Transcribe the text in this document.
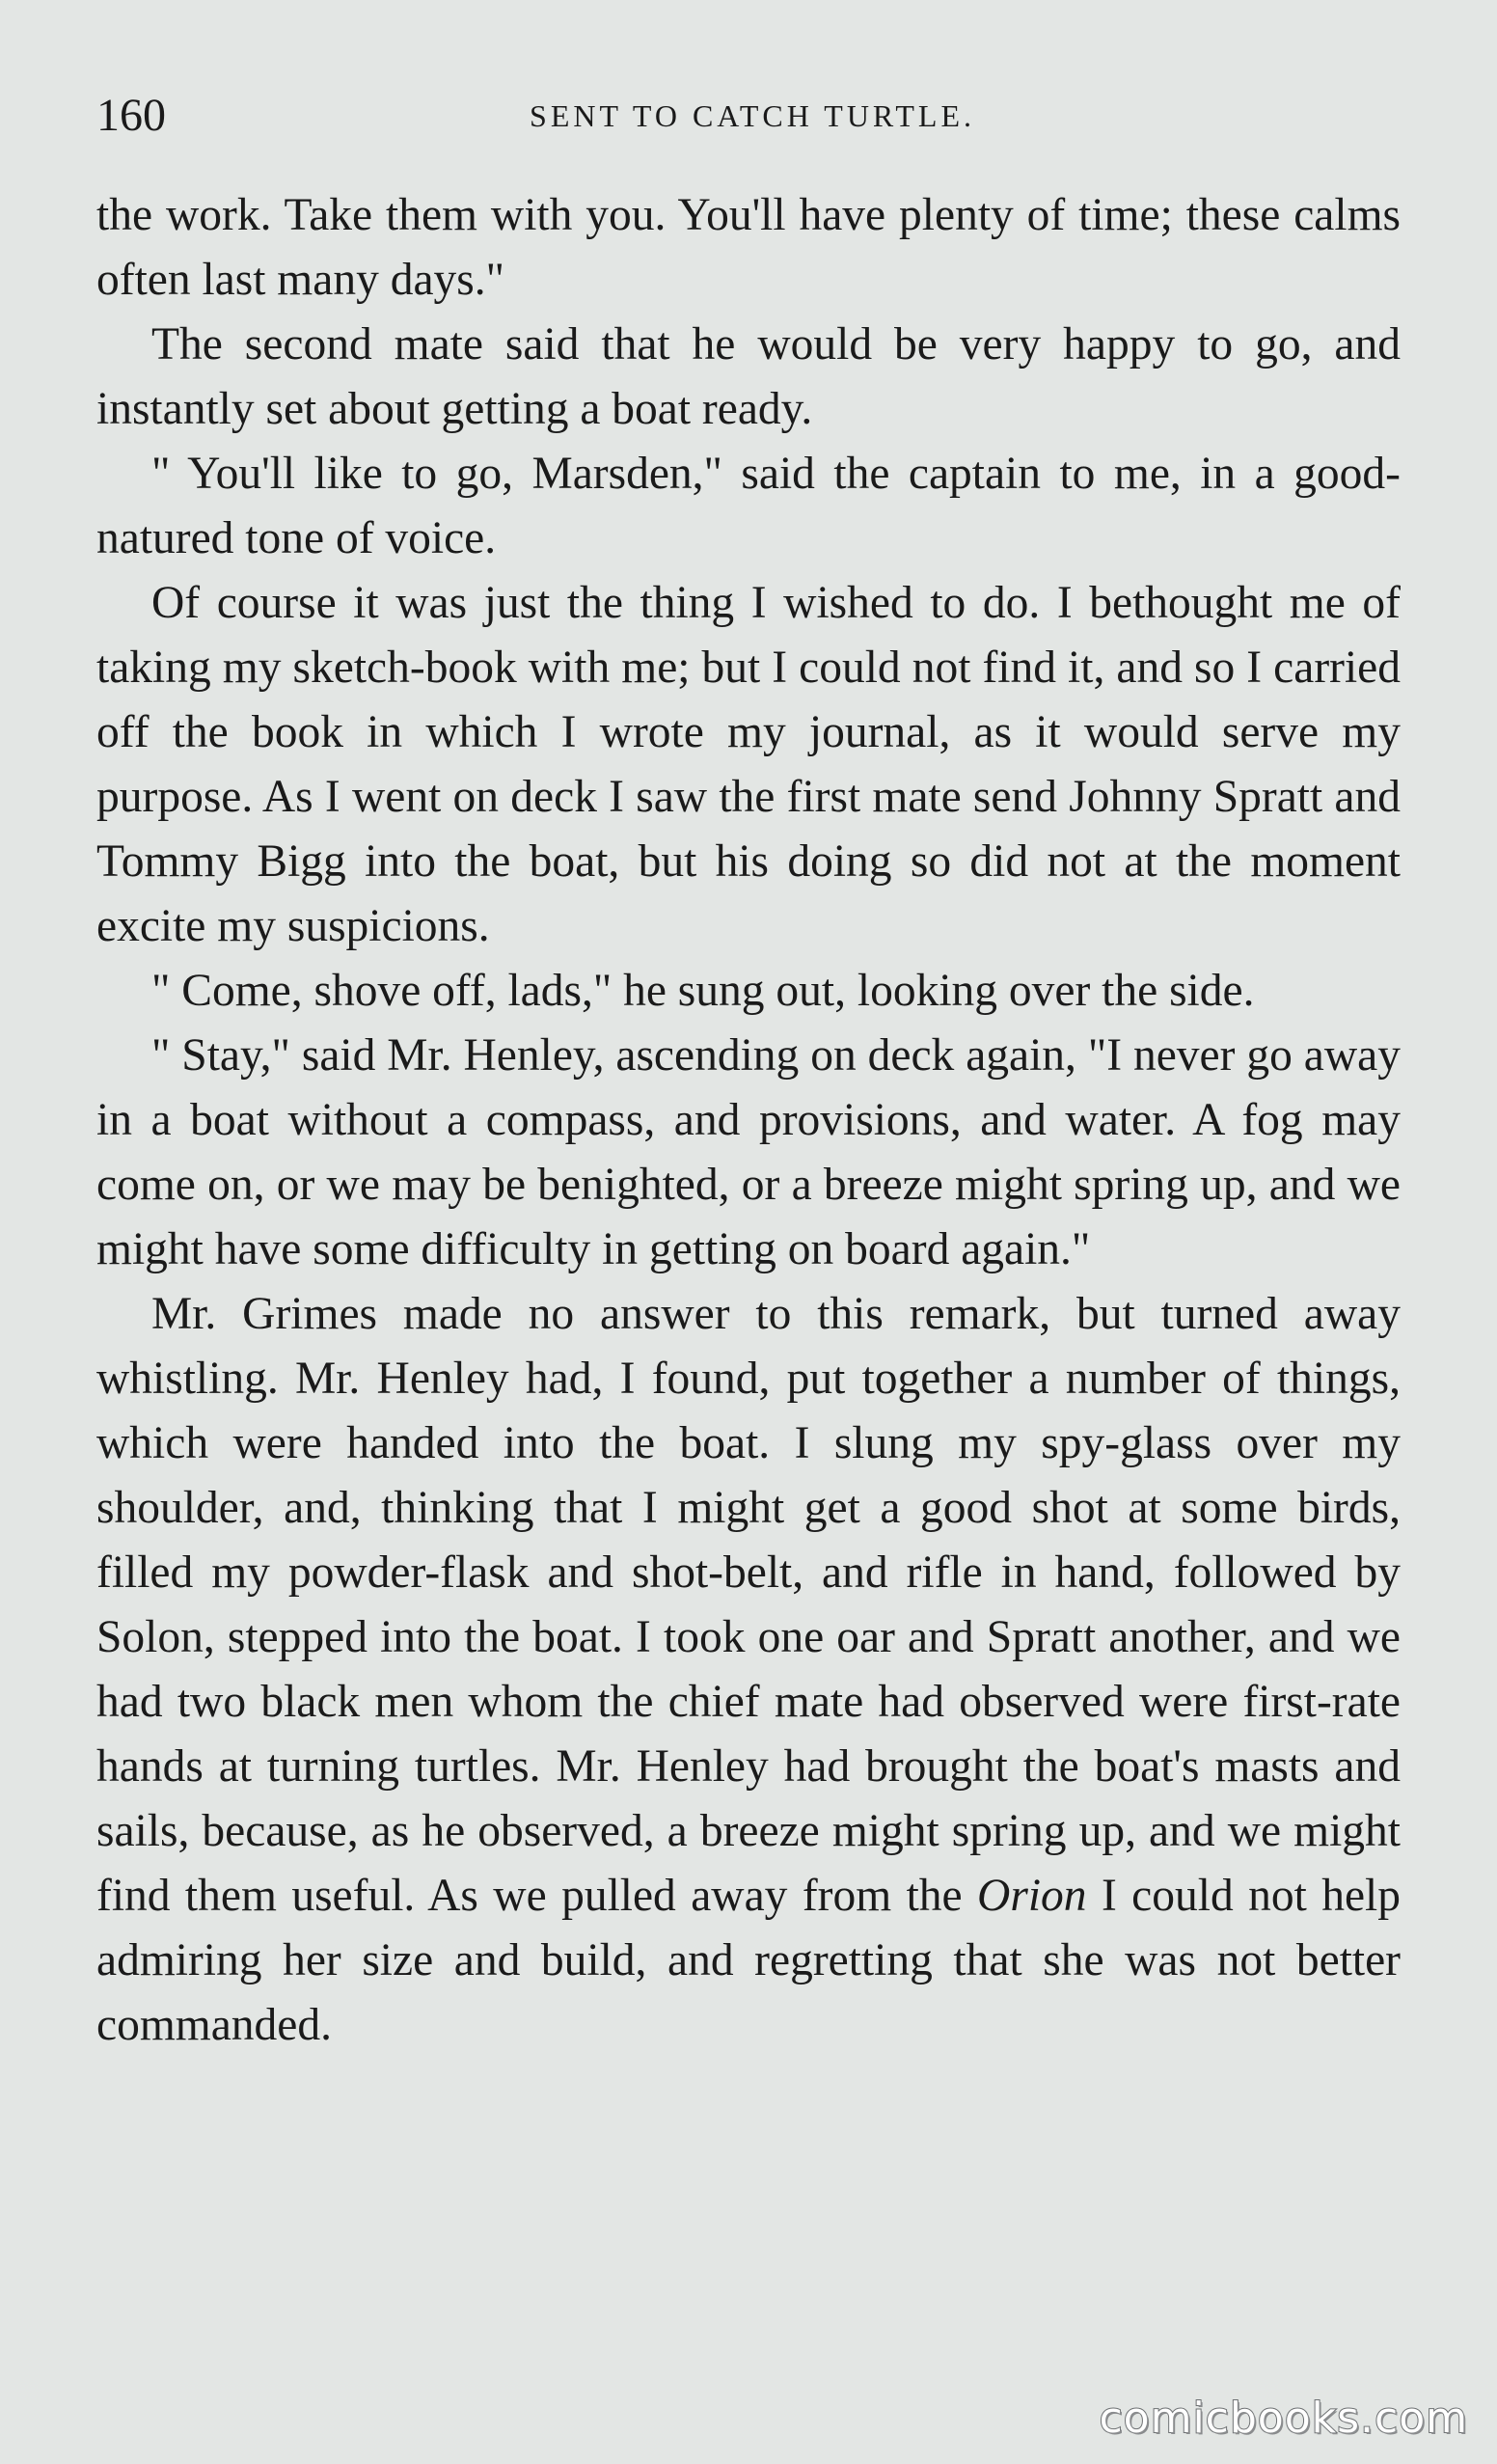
160	SENT TO CATCH TURTLE.

the work. Take them with you. You'll have plenty of time; these calms often last many days."

The second mate said that he would be very happy to go, and instantly set about getting a boat ready.

" You'll like to go, Marsden," said the captain to me, in a good-natured tone of voice.

Of course it was just the thing I wished to do. I bethought me of taking my sketch-book with me; but I could not find it, and so I carried off the book in which I wrote my journal, as it would serve my purpose. As I went on deck I saw the first mate send Johnny Spratt and Tommy Bigg into the boat, but his doing so did not at the moment excite my suspicions.

" Come, shove off, lads," he sung out, looking over the side.

" Stay," said Mr. Henley, ascending on deck again, "I never go away in a boat without a compass, and provisions, and water. A fog may come on, or we may be benighted, or a breeze might spring up, and we might have some difficulty in getting on board again."

Mr. Grimes made no answer to this remark, but turned away whistling. Mr. Henley had, I found, put together a number of things, which were handed into the boat. I slung my spy-glass over my shoulder, and, thinking that I might get a good shot at some birds, filled my powder-flask and shot-belt, and rifle in hand, followed by Solon, stepped into the boat. I took one oar and Spratt another, and we had two black men whom the chief mate had observed were first-rate hands at turning turtles. Mr. Henley had brought the boat's masts and sails, because, as he observed, a breeze might spring up, and we might find them useful. As we pulled away from the Orion I could not help admiring her size and build, and regretting that she was not better commanded.

comicbooks.com
